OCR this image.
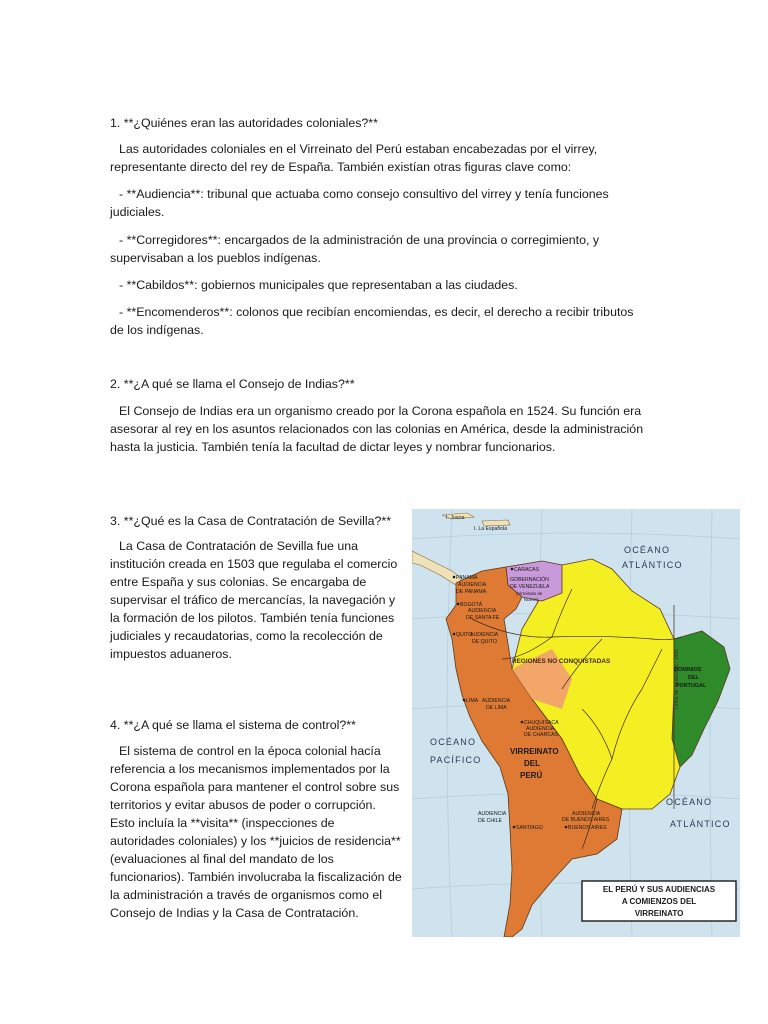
1. **¿Quiénes eran las autoridades coloniales?**

Las autoridades coloniales en el Virreinato del Perú estaban encabezadas por el virrey, representante directo del rey de España. También existían otras figuras clave como:

- **Audiencia**: tribunal que actuaba como consejo consultivo del virrey y tenía funciones judiciales.

- **Corregidores**: encargados de la administración de una provincia o corregimiento, y supervisaban a los pueblos indígenas.

- **Cabildos**: gobiernos municipales que representaban a las ciudades.

- **Encomenderos**: colonos que recibían encomiendas, es decir, el derecho a recibir tributos de los indígenas.

2. **¿A qué se llama el Consejo de Indias?**

El Consejo de Indias era un organismo creado por la Corona española en 1524. Su función era asesorar al rey en los asuntos relacionados con las colonias en América, desde la administración hasta la justicia. También tenía la facultad de dictar leyes y nombrar funcionarios.

3. **¿Qué es la Casa de Contratación de Sevilla?**

La Casa de Contratación de Sevilla fue una institución creada en 1503 que regulaba el comercio entre España y sus colonias. Se encargaba de supervisar el tráfico de mercancías, la navegación y la formación de los pilotos. También tenía funciones judiciales y recaudatorias, como la recolección de impuestos aduaneros.

4. **¿A qué se llama el sistema de control?**

El sistema de control en la época colonial hacía referencia a los mecanismos implementados por la Corona española para mantener el control sobre sus territorios y evitar abusos de poder o corrupción. Esto incluía la **visita** (inspecciones de autoridades coloniales) y los **juicios de residencia** (evaluaciones al final del mandato de los funcionarios). También involucraba la fiscalización de la administración a través de organismos como el Consejo de Indias y la Casa de Contratación.

Línea de Tordesillas - 1494
OCÉANO
ATLÁNTICO
OCÉANO
PACÍFICO
OCÉANO
ATLÁNTICO
I. Juana
I. La Española
CARACAS
PANAMÁ
AUDIENCIA
DE PANAMÁ
GOBERNACIÓN
DE VENEZUELA
(Virreinato de
Nueva)
BOGOTÁ
AUDIENCIA
DE SANTA FE
QUITO
AUDIENCIA
DE QUITO
REGIONES NO CONQUISTADAS
DOMINIOS
DEL
PORTUGAL
LIMA AUDIENCIA
DE LIMA
CHUQUISACA
AUDIENCIA
DE CHARCAS
VIRREINATO
DEL
PERÚ
AUDIENCIA
DE BUENOS AIRES
BUENOS AIRES
SANTIAGO
AUDIENCIA
DE CHILE
EL PERÚ Y SUS AUDIENCIAS
A COMIENZOS DEL
VIRREINATO
